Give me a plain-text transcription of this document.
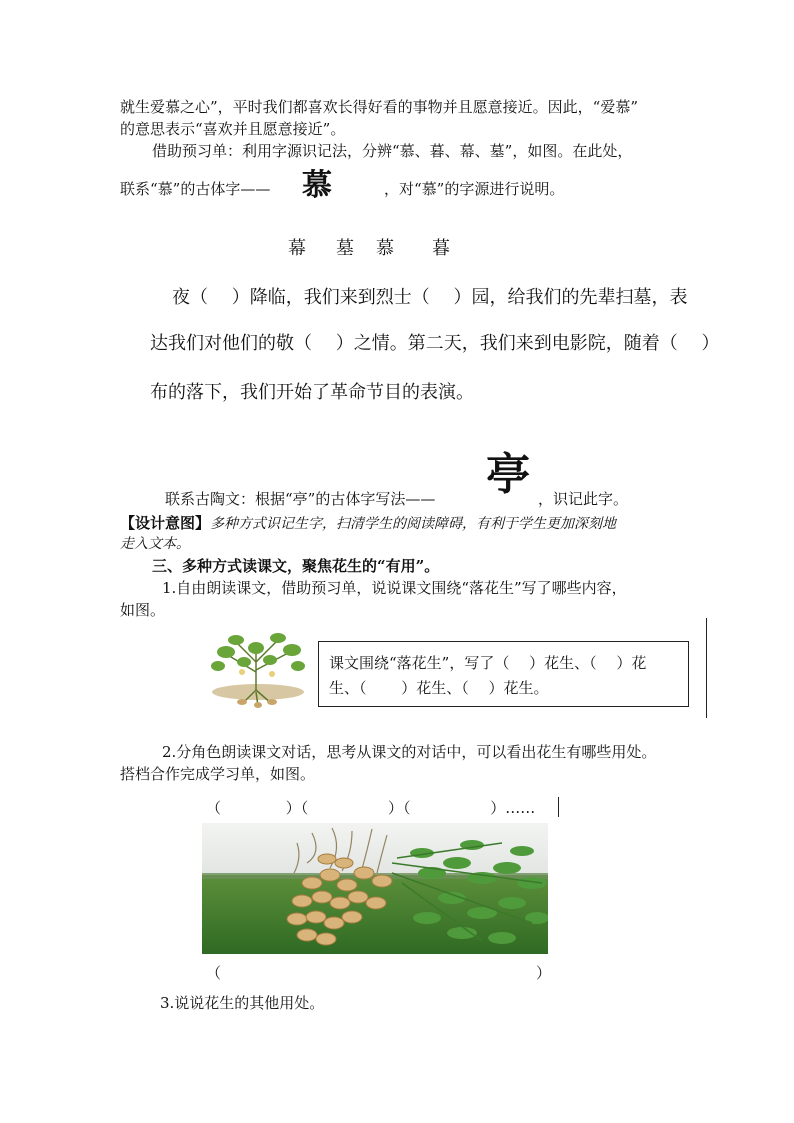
就生爱慕之心”，平时我们都喜欢长得好看的事物并且愿意接近。因此，“爱慕”
的意思表示“喜欢并且愿意接近”。
借助预习单：利用字源识记法，分辨“慕、暮、幕、墓”，如图。在此处，
联系“慕”的古体字—— 慕	，对“慕”的字源进行说明。
幕 墓 慕 暮
夜（　 ）降临，我们来到烈士（　 ）园，给我们的先辈扫墓，表
达我们对他们的敬（　 ）之情。第二天，我们来到电影院，随着（　 ）
布的落下，我们开始了革命节目的表演。
联系古陶文：根据“亭”的古体字写法—— 亭 ，识记此字。
【设计意图】多种方式识记生字，扫清学生的阅读障碍，有利于学生更加深刻地
走入文本。
三、多种方式读课文，聚焦花生的“有用”。
1.自由朗读课文，借助预习单，说说课文围绕“落花生”写了哪些内容，
如图。
课文围绕“落花生”，写了（　 ）花生、（　 ）花
生、（　　 ）花生、（　 ）花生。
2.分角色朗读课文对话，思考从课文的对话中，可以看出花生有哪些用处。
搭档合作完成学习单，如图。
（　　　　 ）（　　　　　 ）（　　　　　 ）……
（	）
3.说说花生的其他用处。
